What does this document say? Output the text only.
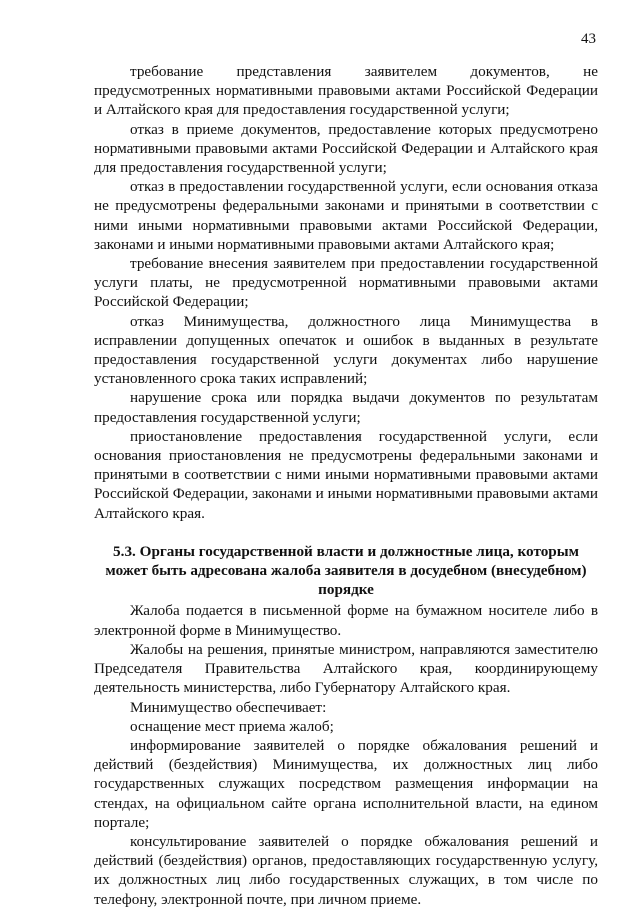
43

требование представления заявителем документов, не предусмотренных нормативными правовыми актами Российской Федерации и Алтайского края для предоставления государственной услуги;

отказ в приеме документов, предоставление которых предусмотрено нормативными правовыми актами Российской Федерации и Алтайского края для предоставления государственной услуги;

отказ в предоставлении государственной услуги, если основания отказа не предусмотрены федеральными законами и принятыми в соответствии с ними иными нормативными правовыми актами Российской Федерации, законами и иными нормативными правовыми актами Алтайского края;

требование внесения заявителем при предоставлении государственной услуги платы, не предусмотренной нормативными правовыми актами Российской Федерации;

отказ Минимущества, должностного лица Минимущества в исправлении допущенных опечаток и ошибок в выданных в результате предоставления государственной услуги документах либо нарушение установленного срока таких исправлений;

нарушение срока или порядка выдачи документов по результатам предоставления государственной услуги;

приостановление предоставления государственной услуги, если основания приостановления не предусмотрены федеральными законами и принятыми в соответствии с ними иными нормативными правовыми актами Российской Федерации, законами и иными нормативными правовыми актами Алтайского края.

5.3. Органы государственной власти и должностные лица, которым может быть адресована жалоба заявителя в досудебном (внесудебном) порядке

Жалоба подается в письменной форме на бумажном носителе либо в электронной форме в Минимущество.

Жалобы на решения, принятые министром, направляются заместителю Председателя Правительства Алтайского края, координирующему деятельность министерства, либо Губернатору Алтайского края.

Минимущество обеспечивает:

оснащение мест приема жалоб;

информирование заявителей о порядке обжалования решений и действий (бездействия) Минимущества, их должностных лиц либо государственных служащих посредством размещения информации на стендах, на официальном сайте органа исполнительной власти, на едином портале;

консультирование заявителей о порядке обжалования решений и действий (бездействия) органов, предоставляющих государственную услугу, их должностных лиц либо государственных служащих, в том числе по телефону, электронной почте, при личном приеме.
